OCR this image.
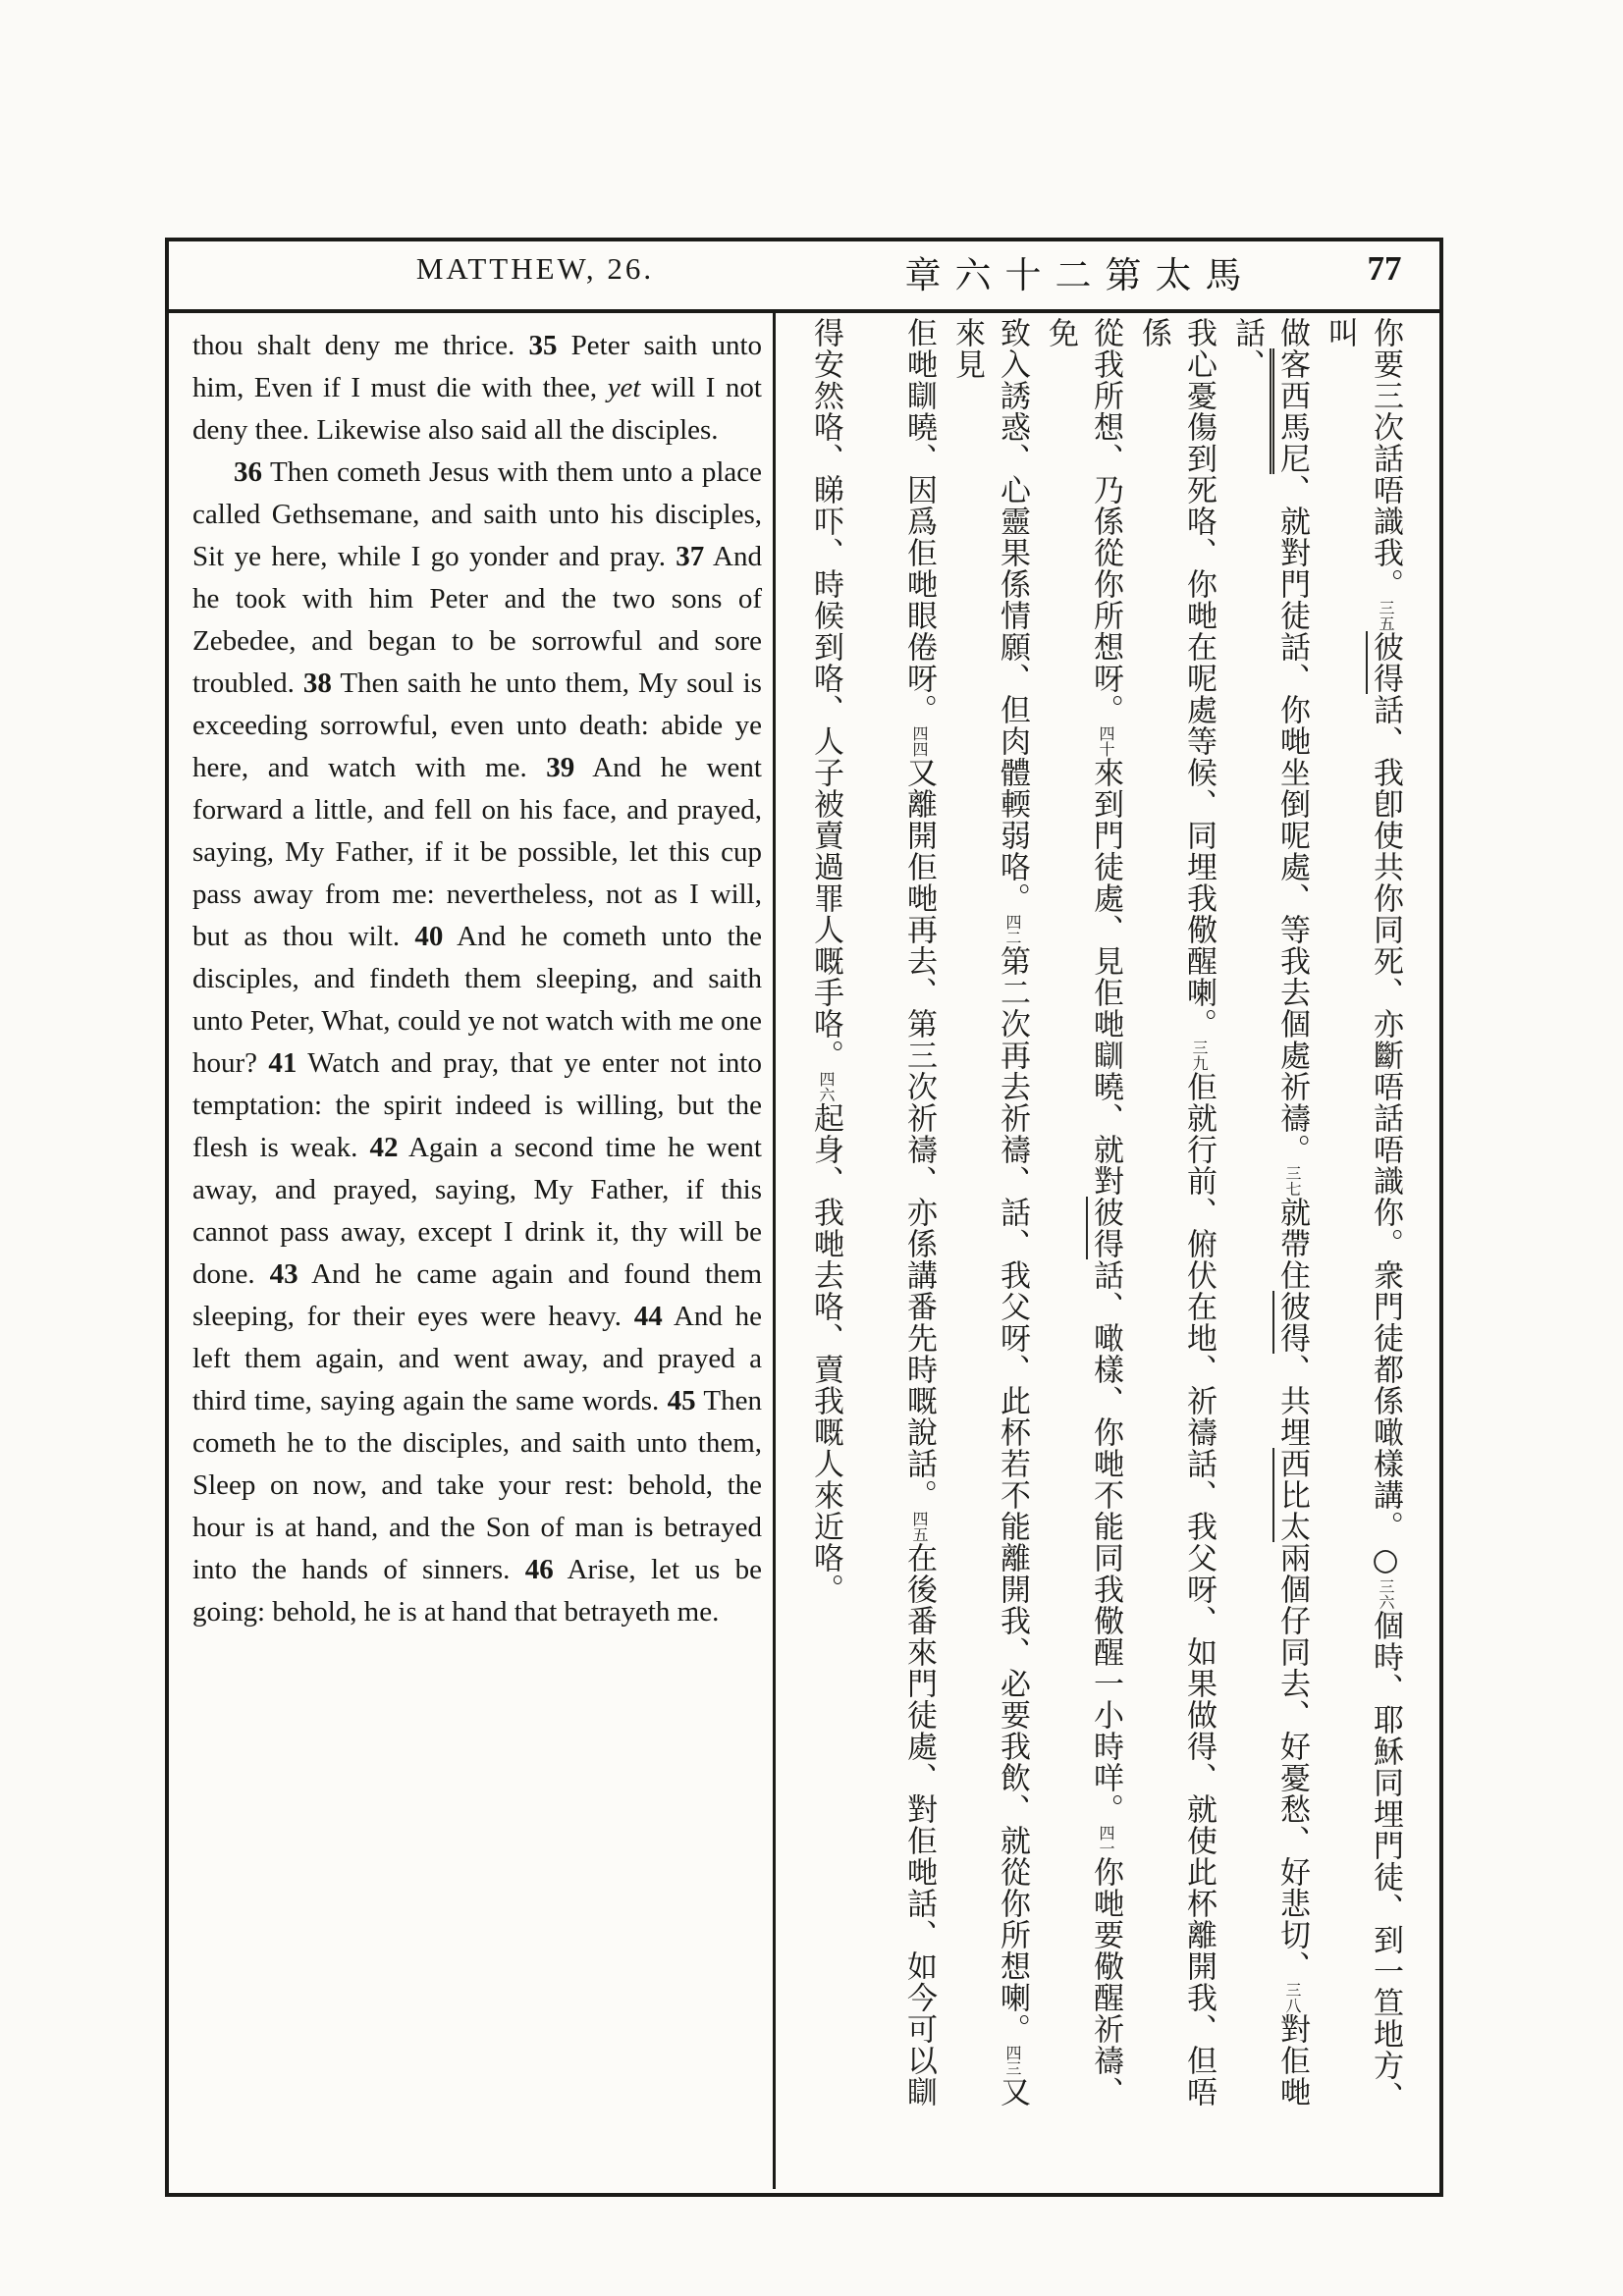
MATTHEW, 26.	章六十二第太馬	77

thou shalt deny me thrice. 35 Peter saith unto him, Even if I must die with thee, yet will I not deny thee. Likewise also said all the disciples.

36 Then cometh Jesus with them unto a place called Gethsemane, and saith unto his disciples, Sit ye here, while I go yonder and pray. 37 And he took with him Peter and the two sons of Zebedee, and began to be sorrowful and sore troubled. 38 Then saith he unto them, My soul is exceeding sorrowful, even unto death: abide ye here, and watch with me. 39 And he went forward a little, and fell on his face, and prayed, saying, My Father, if it be possible, let this cup pass away from me: nevertheless, not as I will, but as thou wilt. 40 And he cometh unto the disciples, and findeth them sleeping, and saith unto Peter, What, could ye not watch with me one hour? 41 Watch and pray, that ye enter not into temptation: the spirit indeed is willing, but the flesh is weak. 42 Again a second time he went away, and prayed, saying, My Father, if this cannot pass away, except I drink it, thy will be done. 43 And he came again and found them sleeping, for their eyes were heavy. 44 And he left them again, and went away, and prayed a third time, saying again the same words. 45 Then cometh he to the disciples, and saith unto them, Sleep on now, and take your rest: behold, the hour is at hand, and the Son of man is betrayed into the hands of sinners. 46 Arise, let us be going: behold, he is at hand that betrayeth me.

你要三次話唔識我。三五彼得話、我卽使共你同死、亦斷唔話唔識你。衆門徒都係噉樣講。○三六個時、耶穌同埋門徒、到一笪地方、叫
做客西馬尼、就對門徒話、你哋坐倒呢處、等我去個處祈禱。三七就帶住彼得、共埋西比太兩個仔同去、好憂愁、好悲切、三八對佢哋話、
我心憂傷到死咯、你哋在呢處等候、同埋我儆醒喇。三九佢就行前、俯伏在地、祈禱話、我父呀、如果做得、就使此杯離開我、但唔係
從我所想、乃係從你所想呀。四十來到門徒處、見佢哋瞓曉、就對彼得話、噉樣、你哋不能同我儆醒一小時咩。四一你哋要儆醒祈禱、免
致入誘惑、心靈果係情願、但肉體輭弱咯。四二第二次再去祈禱、話、我父呀、此杯若不能離開我、必要我飲、就從你所想喇。四三又來見
佢哋瞓曉、因爲佢哋眼倦呀。四四又離開佢哋再去、第三次祈禱、亦係講番先時嘅說話。四五在後番來門徒處、對佢哋話、如今可以瞓
得安然咯、睇吓、時候到咯、人子被賣過罪人嘅手咯。四六起身、我哋去咯、賣我嘅人來近咯。
